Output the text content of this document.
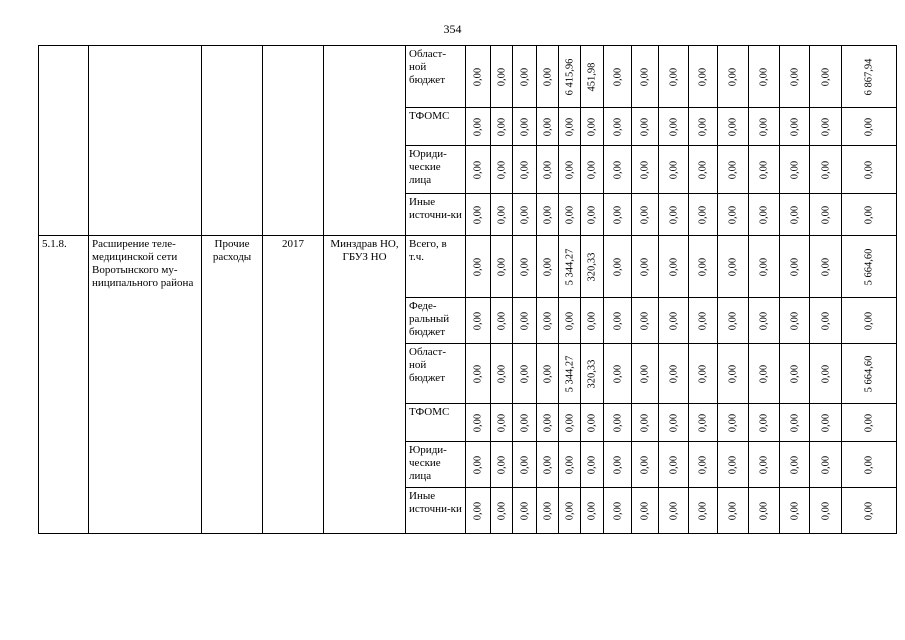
354
					Област-ной бюджет	0,00	0,00	0,00	0,00	6 415,96	451,98	0,00	0,00	0,00	0,00	0,00	0,00	0,00	0,00	6 867,94

					ТФОМС	0,00	0,00	0,00	0,00	0,00	0,00	0,00	0,00	0,00	0,00	0,00	0,00	0,00	0,00	0,00

					Юриди-ческие лица	0,00	0,00	0,00	0,00	0,00	0,00	0,00	0,00	0,00	0,00	0,00	0,00	0,00	0,00	0,00

					Иные источни-ки	0,00	0,00	0,00	0,00	0,00	0,00	0,00	0,00	0,00	0,00	0,00	0,00	0,00	0,00	0,00

5.1.8.	Расширение теле-медицинской сети Воротынского му-ниципального района	Прочие расходы	2017	Минздрав НО, ГБУЗ НО	Всего, в т.ч.	0,00	0,00	0,00	0,00	5 344,27	320,33	0,00	0,00	0,00	0,00	0,00	0,00	0,00	0,00	5 664,60

					Феде-ральный бюджет	0,00	0,00	0,00	0,00	0,00	0,00	0,00	0,00	0,00	0,00	0,00	0,00	0,00	0,00	0,00

					Област-ной бюджет	0,00	0,00	0,00	0,00	5 344,27	320,33	0,00	0,00	0,00	0,00	0,00	0,00	0,00	0,00	5 664,60

					ТФОМС	0,00	0,00	0,00	0,00	0,00	0,00	0,00	0,00	0,00	0,00	0,00	0,00	0,00	0,00	0,00

					Юриди-ческие лица	0,00	0,00	0,00	0,00	0,00	0,00	0,00	0,00	0,00	0,00	0,00	0,00	0,00	0,00	0,00

					Иные источни-ки	0,00	0,00	0,00	0,00	0,00	0,00	0,00	0,00	0,00	0,00	0,00	0,00	0,00	0,00	0,00
